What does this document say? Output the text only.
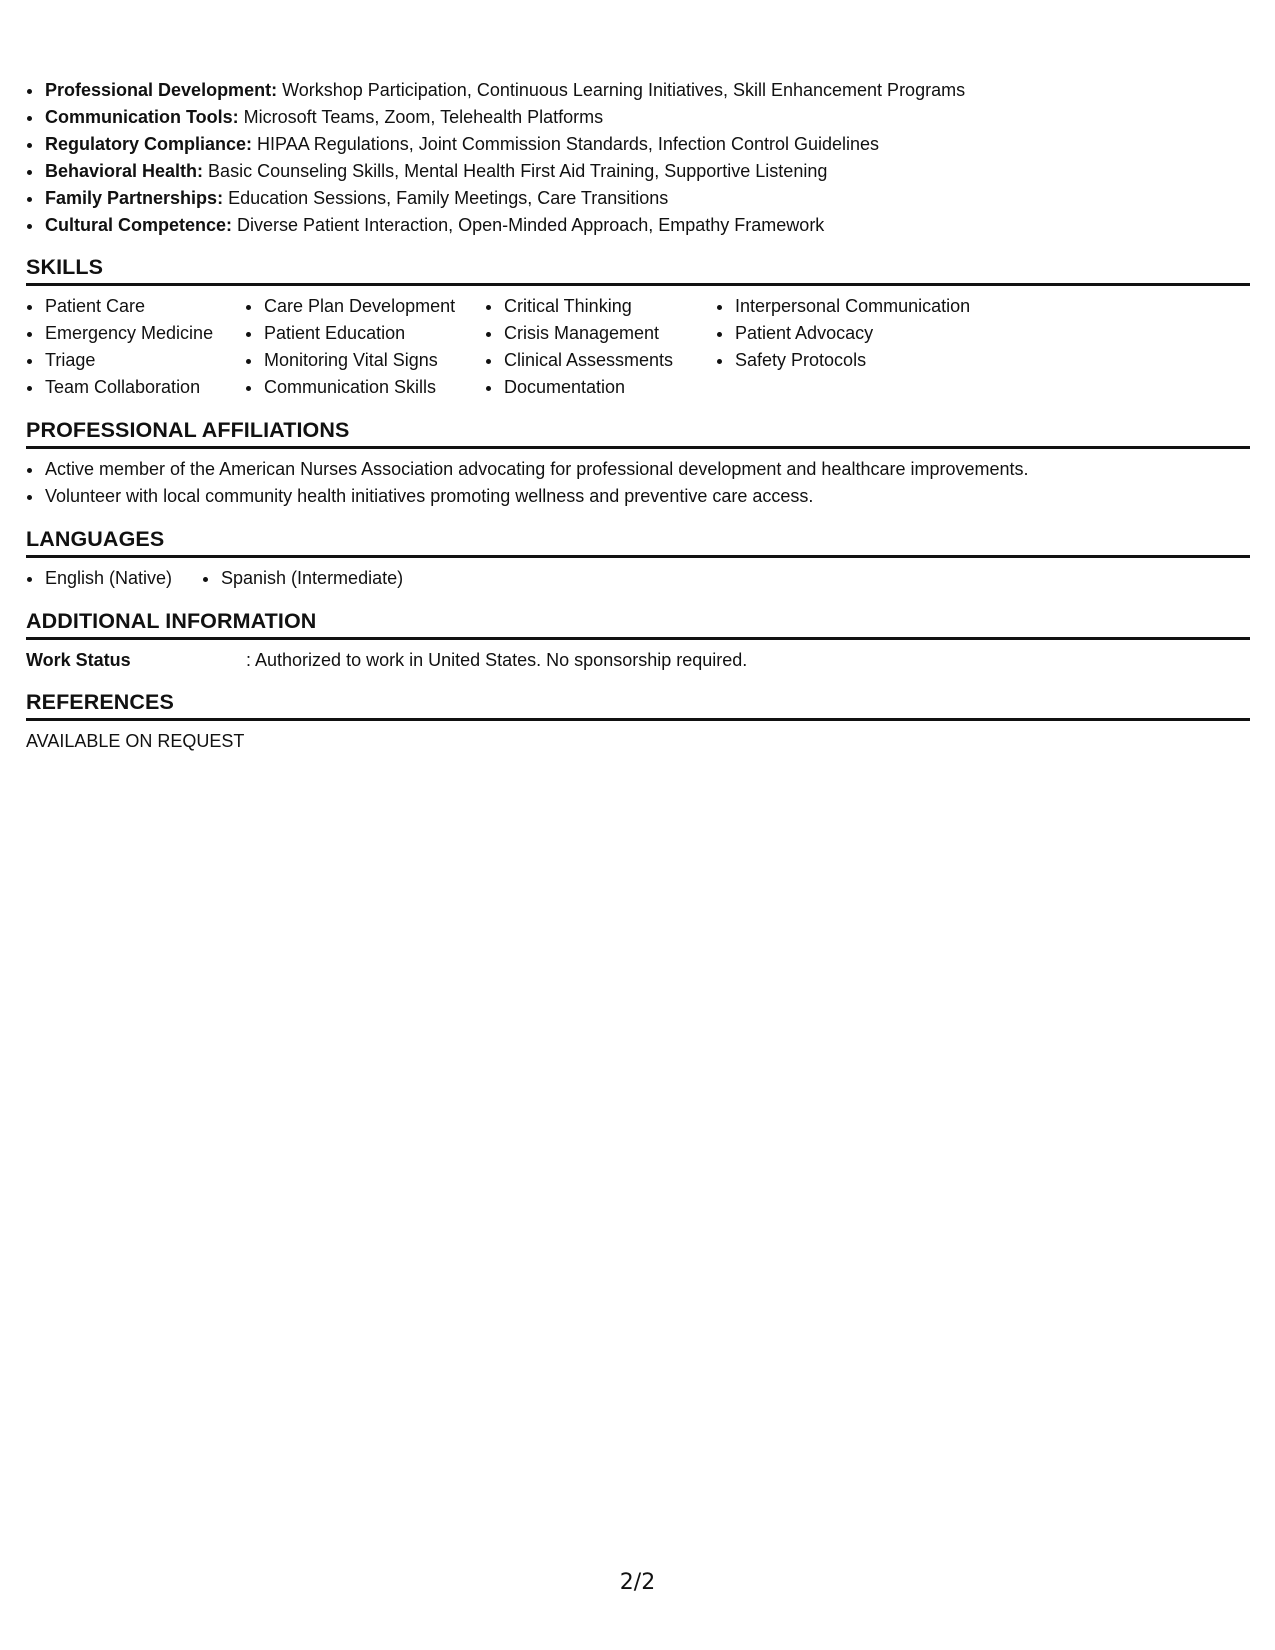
• Professional Development: Workshop Participation, Continuous Learning Initiatives, Skill Enhancement Programs
• Communication Tools: Microsoft Teams, Zoom, Telehealth Platforms
• Regulatory Compliance: HIPAA Regulations, Joint Commission Standards, Infection Control Guidelines
• Behavioral Health: Basic Counseling Skills, Mental Health First Aid Training, Supportive Listening
• Family Partnerships: Education Sessions, Family Meetings, Care Transitions
• Cultural Competence: Diverse Patient Interaction, Open-Minded Approach, Empathy Framework
SKILLS
• Patient Care
• Emergency Medicine
• Triage
• Team Collaboration
• Care Plan Development
• Patient Education
• Monitoring Vital Signs
• Communication Skills
• Critical Thinking
• Crisis Management
• Clinical Assessments
• Documentation
• Interpersonal Communication
• Patient Advocacy
• Safety Protocols
PROFESSIONAL AFFILIATIONS
• Active member of the American Nurses Association advocating for professional development and healthcare improvements.
• Volunteer with local community health initiatives promoting wellness and preventive care access.
LANGUAGES
• English (Native)
•	Spanish (Intermediate)
ADDITIONAL INFORMATION
Work Status	: Authorized to work in United States. No sponsorship required.
REFERENCES
AVAILABLE ON REQUEST
2/2
